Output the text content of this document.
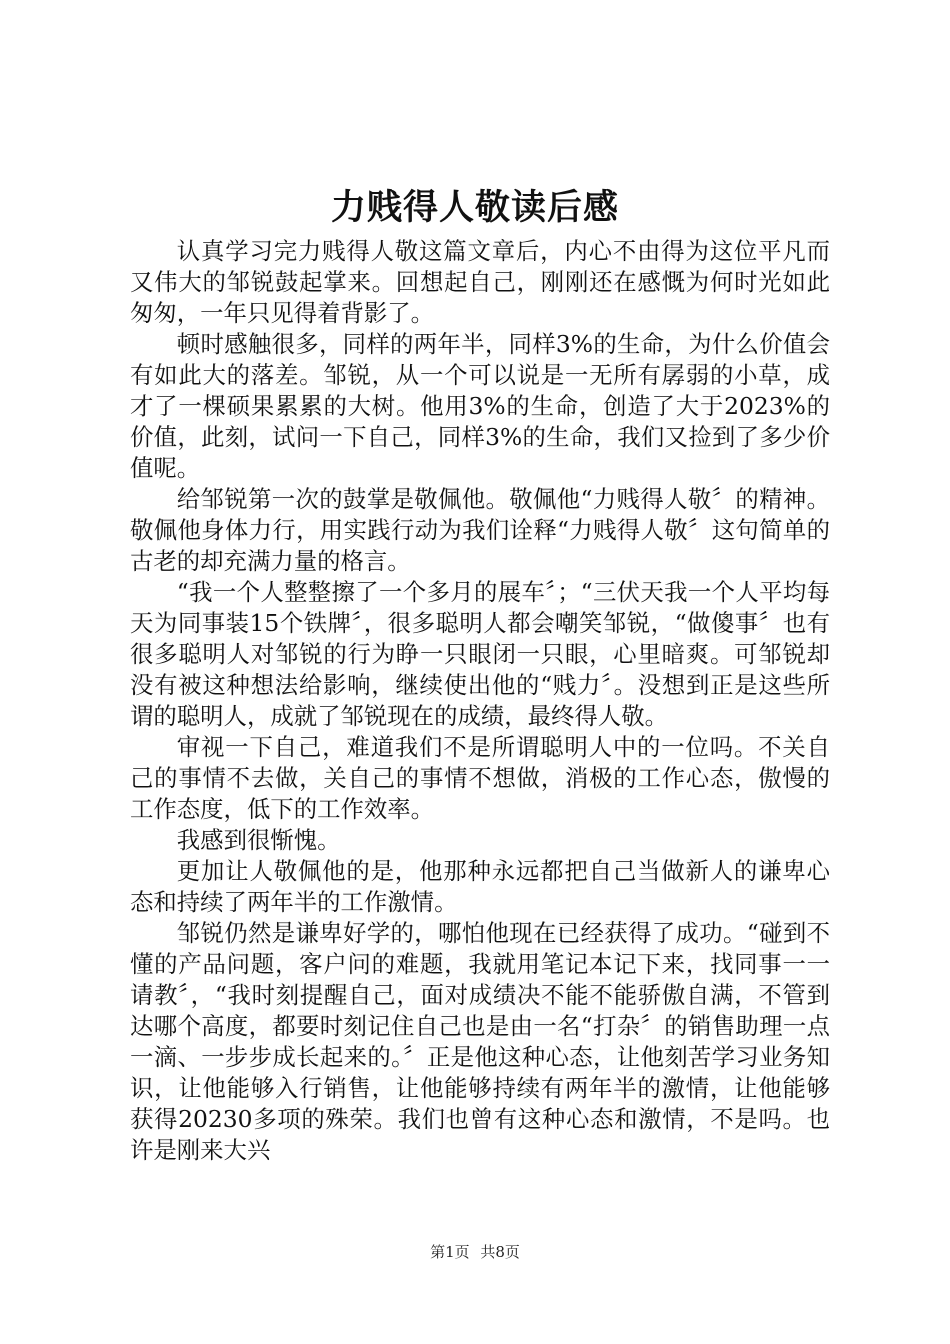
力贱得人敬读后感

认真学习完力贱得人敬这篇文章后，内心不由得为这位平凡而又伟大的邹锐鼓起掌来。回想起自己，刚刚还在感慨为何时光如此匆匆，一年只见得着背影了。

顿时感触很多，同样的两年半，同样3%的生命，为什么价值会有如此大的落差。邹锐，从一个可以说是一无所有孱弱的小草，成才了一棵硕果累累的大树。他用3%的生命，创造了大于2023%的价值，此刻，试问一下自己，同样3%的生命，我们又捡到了多少价值呢。

给邹锐第一次的鼓掌是敬佩他。敬佩他“力贱得人敬〞的精神。敬佩他身体力行，用实践行动为我们诠释“力贱得人敬〞这句简单的古老的却充满力量的格言。

“我一个人整整擦了一个多月的展车〞；“三伏天我一个人平均每天为同事装15个铁牌〞，很多聪明人都会嘲笑邹锐，“做傻事〞也有很多聪明人对邹锐的行为睁一只眼闭一只眼，心里暗爽。可邹锐却没有被这种想法给影响，继续使出他的“贱力〞。没想到正是这些所谓的聪明人，成就了邹锐现在的成绩，最终得人敬。

审视一下自己，难道我们不是所谓聪明人中的一位吗。不关自己的事情不去做，关自己的事情不想做，消极的工作心态，傲慢的工作态度，低下的工作效率。

我感到很惭愧。

更加让人敬佩他的是，他那种永远都把自己当做新人的谦卑心态和持续了两年半的工作激情。

邹锐仍然是谦卑好学的，哪怕他现在已经获得了成功。“碰到不懂的产品问题，客户问的难题，我就用笔记本记下来，找同事一一请教〞，“我时刻提醒自己，面对成绩决不能不能骄傲自满，不管到达哪个高度，都要时刻记住自己也是由一名“打杂〞的销售助理一点一滴、一步步成长起来的。〞正是他这种心态，让他刻苦学习业务知识，让他能够入行销售，让他能够持续有两年半的激情，让他能够获得20230多项的殊荣。我们也曾有这种心态和激情，不是吗。也许是刚来大兴

第1页 共8页
